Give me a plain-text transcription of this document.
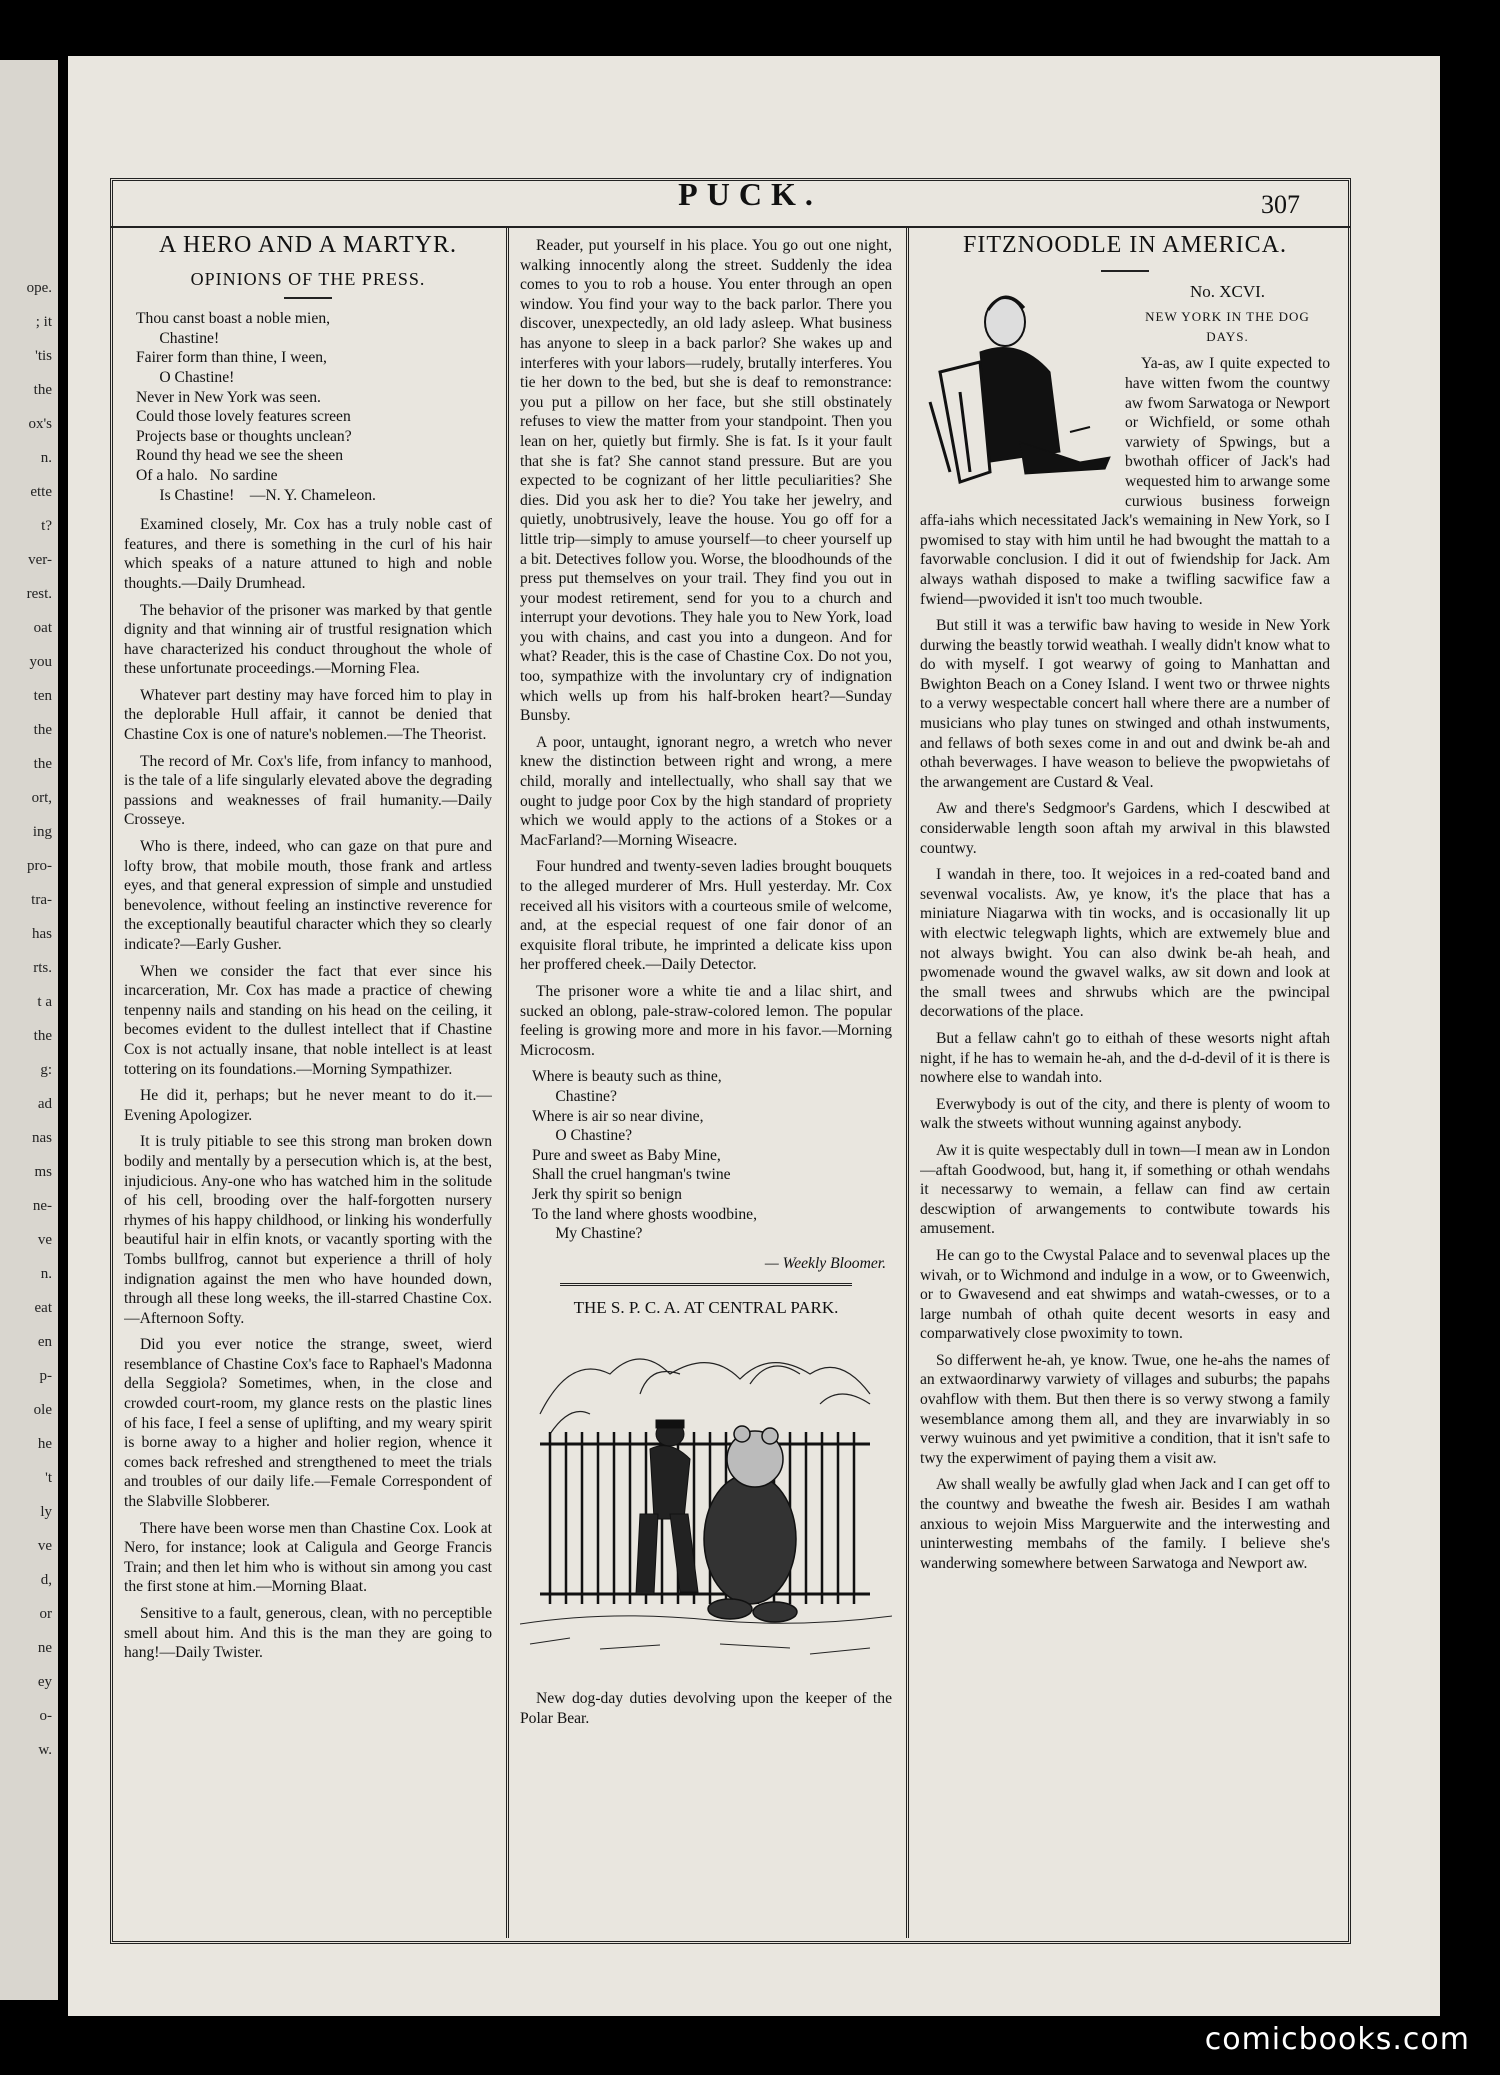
ope.
; it
'tis
the
ox's
n.
ette
t?
ver-
rest.
oat
you
ten
the
the
ort,
ing
pro-
tra-
has
rts.
t a
the
g:
ad
nas
ms
ne-
ve
n.
eat
en
p-
ole
he
't
ly
ve
d,
or
ne
ey
o-
w.
PUCK.	307
A HERO AND A MARTYR.
OPINIONS OF THE PRESS.
Thou canst boast a noble mien,
Chastine!
Fairer form than thine, I ween,
O Chastine!
Never in New York was seen.
Could those lovely features screen
Projects base or thoughts unclean?
Round thy head we see the sheen
Of a halo.   No sardine
Is Chastine!    —N. Y. Chameleon.

Examined closely, Mr. Cox has a truly noble cast of features, and there is something in the curl of his hair which speaks of a nature attuned to high and noble thoughts.—Daily Drumhead.

The behavior of the prisoner was marked by that gentle dignity and that winning air of trustful resignation which have characterized his conduct throughout the whole of these unfortunate proceedings.—Morning Flea.

Whatever part destiny may have forced him to play in the deplorable Hull affair, it cannot be denied that Chastine Cox is one of nature's noblemen.—The Theorist.

The record of Mr. Cox's life, from infancy to manhood, is the tale of a life singularly elevated above the degrading passions and weaknesses of frail humanity.—Daily Crosseye.

Who is there, indeed, who can gaze on that pure and lofty brow, that mobile mouth, those frank and artless eyes, and that general expression of simple and unstudied benevolence, without feeling an instinctive reverence for the exceptionally beautiful character which they so clearly indicate?—Early Gusher.

When we consider the fact that ever since his incarceration, Mr. Cox has made a practice of chewing tenpenny nails and standing on his head on the ceiling, it becomes evident to the dullest intellect that if Chastine Cox is not actually insane, that noble intellect is at least tottering on its foundations.—Morning Sympathizer.

He did it, perhaps; but he never meant to do it.—Evening Apologizer.

It is truly pitiable to see this strong man broken down bodily and mentally by a persecution which is, at the best, injudicious. Any-one who has watched him in the solitude of his cell, brooding over the half-forgotten nursery rhymes of his happy childhood, or linking his wonderfully beautiful hair in elfin knots, or vacantly sporting with the Tombs bullfrog, cannot but experience a thrill of holy indignation against the men who have hounded down, through all these long weeks, the ill-starred Chastine Cox.—Afternoon Softy.

Did you ever notice the strange, sweet, wierd resemblance of Chastine Cox's face to Raphael's Madonna della Seggiola? Sometimes, when, in the close and crowded court-room, my glance rests on the plastic lines of his face, I feel a sense of uplifting, and my weary spirit is borne away to a higher and holier region, whence it comes back refreshed and strengthened to meet the trials and troubles of our daily life.—Female Correspondent of the Slabville Slobberer.

There have been worse men than Chastine Cox. Look at Nero, for instance; look at Caligula and George Francis Train; and then let him who is without sin among you cast the first stone at him.—Morning Blaat.

Sensitive to a fault, generous, clean, with no perceptible smell about him. And this is the man they are going to hang!—Daily Twister.

Reader, put yourself in his place. You go out one night, walking innocently along the street. Suddenly the idea comes to you to rob a house. You enter through an open window. You find your way to the back parlor. There you discover, unexpectedly, an old lady asleep. What business has anyone to sleep in a back parlor? She wakes up and interferes with your labors—rudely, brutally interferes. You tie her down to the bed, but she is deaf to remonstrance: you put a pillow on her face, but she still obstinately refuses to view the matter from your standpoint. Then you lean on her, quietly but firmly. She is fat. Is it your fault that she is fat? She cannot stand pressure. But are you expected to be cognizant of her little peculiarities? She dies. Did you ask her to die? You take her jewelry, and quietly, unobtrusively, leave the house. You go off for a little trip—simply to amuse yourself—to cheer yourself up a bit. Detectives follow you. Worse, the bloodhounds of the press put themselves on your trail. They find you out in your modest retirement, send for you to a church and interrupt your devotions. They hale you to New York, load you with chains, and cast you into a dungeon. And for what? Reader, this is the case of Chastine Cox. Do not you, too, sympathize with the involuntary cry of indignation which wells up from his half-broken heart?—Sunday Bunsby.

A poor, untaught, ignorant negro, a wretch who never knew the distinction between right and wrong, a mere child, morally and intellectually, who shall say that we ought to judge poor Cox by the high standard of propriety which we would apply to the actions of a Stokes or a MacFarland?—Morning Wiseacre.

Four hundred and twenty-seven ladies brought bouquets to the alleged murderer of Mrs. Hull yesterday. Mr. Cox received all his visitors with a courteous smile of welcome, and, at the especial request of one fair donor of an exquisite floral tribute, he imprinted a delicate kiss upon her proffered cheek.—Daily Detector.

The prisoner wore a white tie and a lilac shirt, and sucked an oblong, pale-straw-colored lemon. The popular feeling is growing more and more in his favor.—Morning Microcosm.

Where is beauty such as thine,
Chastine?
Where is air so near divine,
O Chastine?
Pure and sweet as Baby Mine,
Shall the cruel hangman's twine
Jerk thy spirit so benign
To the land where ghosts woodbine,
My Chastine?
— Weekly Bloomer.
THE S. P. C. A. AT CENTRAL PARK.

New dog-day duties devolving upon the keeper of the Polar Bear.

FITZNOODLE IN AMERICA.
No. XCVI.
NEW YORK IN THE DOG DAYS.

Ya-as, aw I quite expected to have witten fwom the countwy aw fwom Sarwatoga or Newport or Wichfield, or some othah varwiety of Spwings, but a bwothah officer of Jack's had wequested him to arwange some curwious business forweign affa-iahs which necessitated Jack's wemaining in New York, so I pwomised to stay with him until he had bwought the mattah to a favorwable conclusion. I did it out of fwiendship for Jack. Am always wathah disposed to make a twifling sacwifice faw a fwiend—pwovided it isn't too much twouble.

But still it was a terwific baw having to weside in New York durwing the beastly torwid weathah. I weally didn't know what to do with myself. I got wearwy of going to Manhattan and Bwighton Beach on a Coney Island. I went two or thrwee nights to a verwy wespectable concert hall where there are a number of musicians who play tunes on stwinged and othah instwuments, and fellaws of both sexes come in and out and dwink be-ah and othah beverwages. I have weason to believe the pwopwietahs of the arwangement are Custard & Veal.

Aw and there's Sedgmoor's Gardens, which I descwibed at considerwable length soon aftah my arwival in this blawsted countwy.

I wandah in there, too. It wejoices in a red-coated band and sevenwal vocalists. Aw, ye know, it's the place that has a miniature Niagarwa with tin wocks, and is occasionally lit up with electwic telegwaph lights, which are extwemely blue and not always bwight. You can also dwink be-ah heah, and pwomenade wound the gwavel walks, aw sit down and look at the small twees and shrwubs which are the pwincipal decorwations of the place.

But a fellaw cahn't go to eithah of these wesorts night aftah night, if he has to wemain he-ah, and the d-d-devil of it is there is nowhere else to wandah into.

Everwybody is out of the city, and there is plenty of woom to walk the stweets without wunning against anybody.

Aw it is quite wespectably dull in town—I mean aw in London—aftah Goodwood, but, hang it, if something or othah wendahs it necessarwy to wemain, a fellaw can find aw certain descwiption of arwangements to contwibute towards his amusement.

He can go to the Cwystal Palace and to sevenwal places up the wivah, or to Wichmond and indulge in a wow, or to Gweenwich, or to Gwavesend and eat shwimps and watah-cwesses, or to a large numbah of othah quite decent wesorts in easy and comparwatively close pwoximity to town.

So differwent he-ah, ye know. Twue, one he-ahs the names of an extwaordinarwy varwiety of villages and suburbs; the papahs ovahflow with them. But then there is so verwy stwong a family wesemblance among them all, and they are invarwiably in so verwy wuinous and yet pwimitive a condition, that it isn't safe to twy the experwiment of paying them a visit aw.

Aw shall weally be awfully glad when Jack and I can get off to the countwy and bweathe the fwesh air. Besides I am wathah anxious to wejoin Miss Marguerwite and the interwesting and uninterwesting membahs of the family. I believe she's wanderwing somewhere between Sarwatoga and Newport aw.

comicbooks.com
